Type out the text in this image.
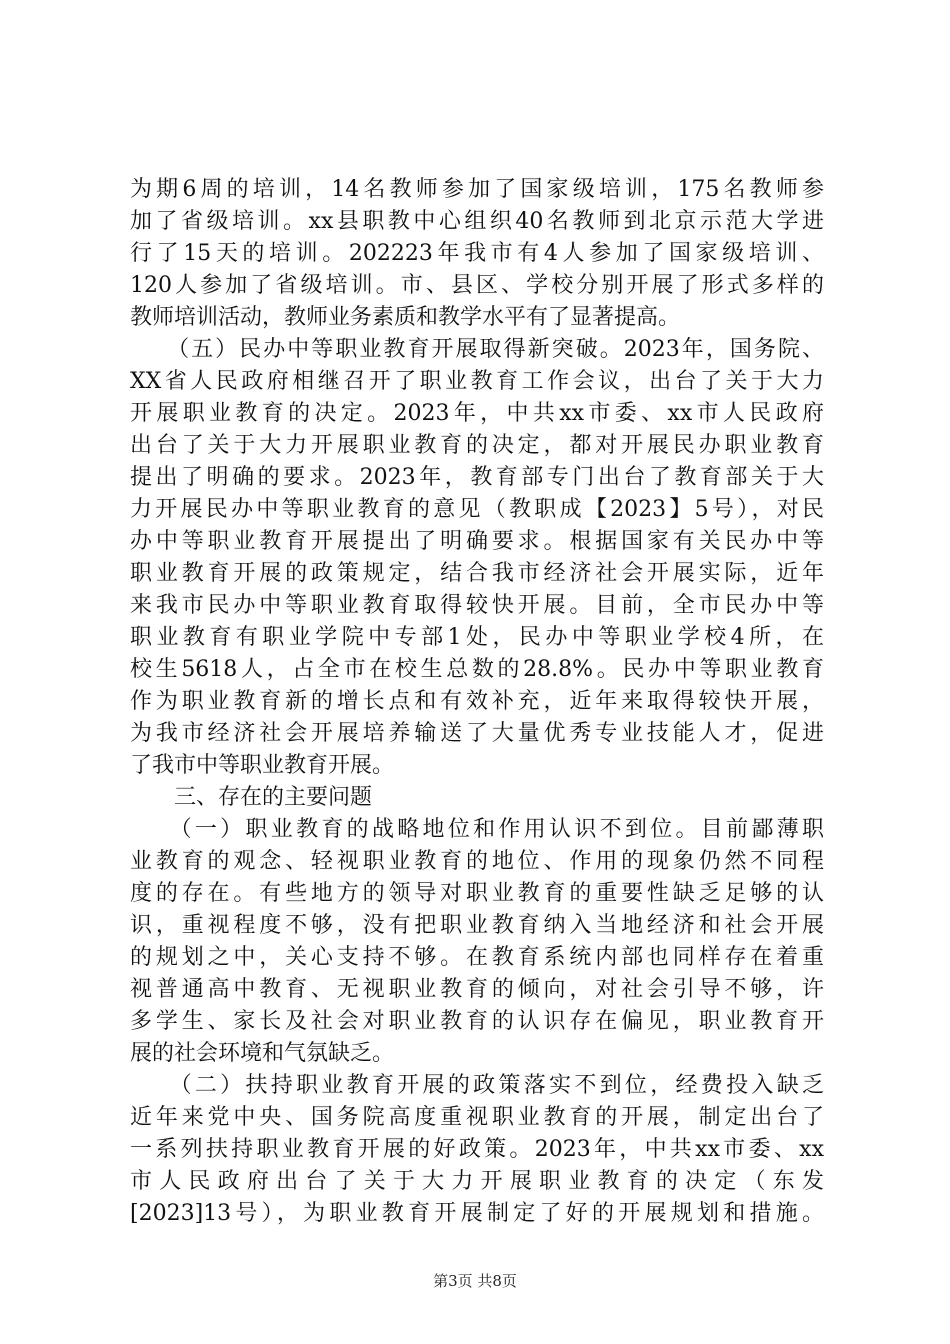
为期6周的培训，14名教师参加了国家级培训，175名教师参
加了省级培训。xx县职教中心组织40名教师到北京示范大学进
行了15天的培训。202223年我市有4人参加了国家级培训、
120人参加了省级培训。市、县区、学校分别开展了形式多样的
教师培训活动，教师业务素质和教学水平有了显著提高。
　　（五）民办中等职业教育开展取得新突破。2023年，国务院、
XX省人民政府相继召开了职业教育工作会议，出台了关于大力
开展职业教育的决定。2023年，中共xx市委、xx市人民政府
出台了关于大力开展职业教育的决定，都对开展民办职业教育
提出了明确的要求。2023年，教育部专门出台了教育部关于大
力开展民办中等职业教育的意见（教职成【2023】5号），对民
办中等职业教育开展提出了明确要求。根据国家有关民办中等
职业教育开展的政策规定，结合我市经济社会开展实际，近年
来我市民办中等职业教育取得较快开展。目前，全市民办中等
职业教育有职业学院中专部1处，民办中等职业学校4所，在
校生5618人，占全市在校生总数的28.8%。民办中等职业教育
作为职业教育新的增长点和有效补充，近年来取得较快开展，
为我市经济社会开展培养输送了大量优秀专业技能人才，促进
了我市中等职业教育开展。
　　三、存在的主要问题
　　（一）职业教育的战略地位和作用认识不到位。目前鄙薄职
业教育的观念、轻视职业教育的地位、作用的现象仍然不同程
度的存在。有些地方的领导对职业教育的重要性缺乏足够的认
识，重视程度不够，没有把职业教育纳入当地经济和社会开展
的规划之中，关心支持不够。在教育系统内部也同样存在着重
视普通高中教育、无视职业教育的倾向，对社会引导不够，许
多学生、家长及社会对职业教育的认识存在偏见，职业教育开
展的社会环境和气氛缺乏。
　　（二）扶持职业教育开展的政策落实不到位，经费投入缺乏
近年来党中央、国务院高度重视职业教育的开展，制定出台了
一系列扶持职业教育开展的好政策。2023年，中共xx市委、xx
市人民政府出台了关于大力开展职业教育的决定（东发
[2023]13号），为职业教育开展制定了好的开展规划和措施。
第3页 共8页
